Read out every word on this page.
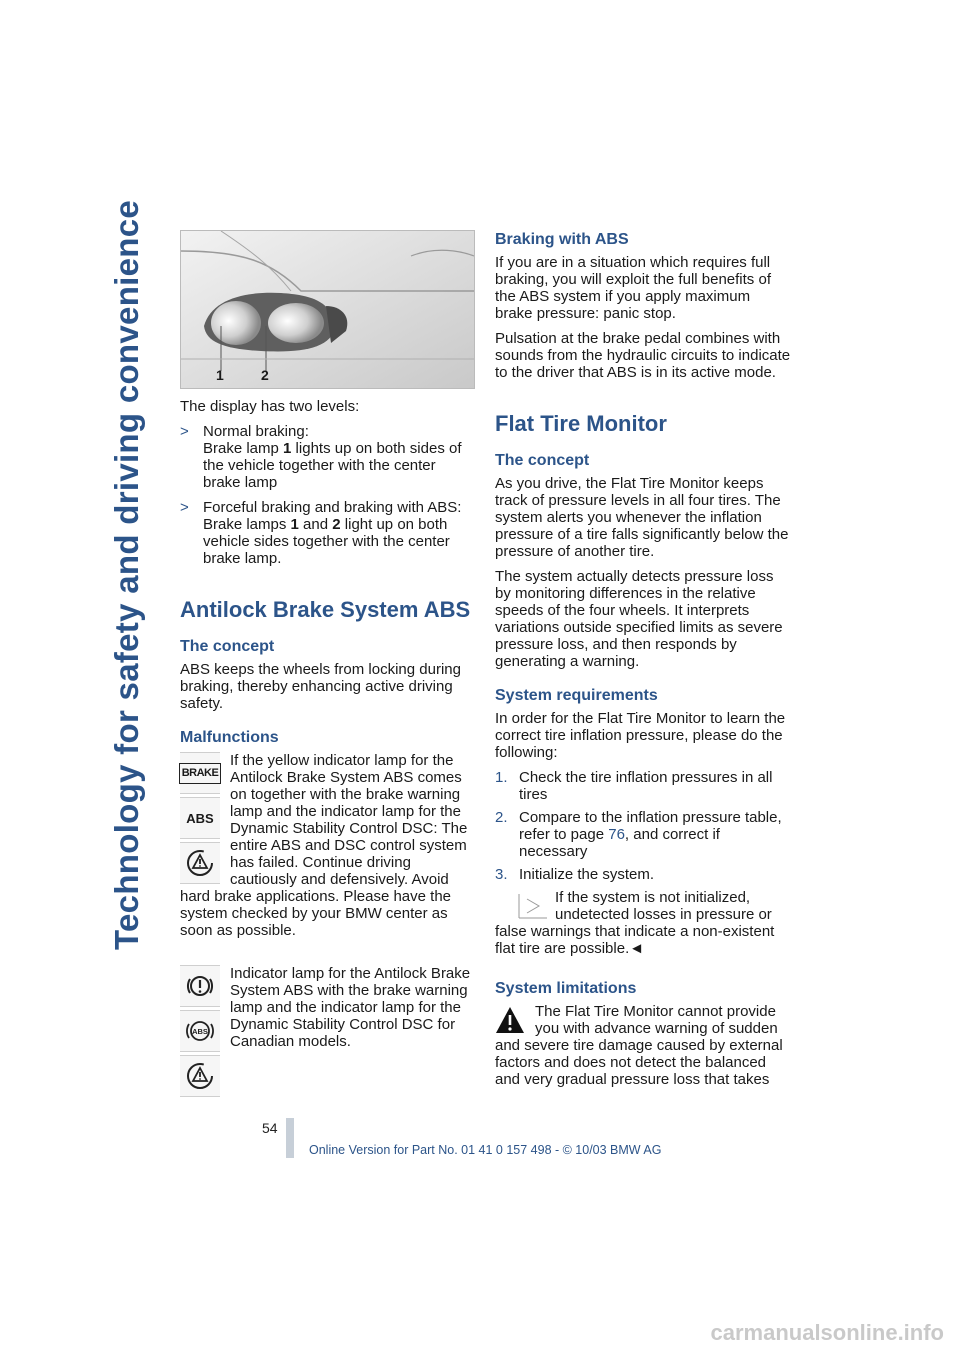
Technology for safety and driving convenience	1	2

The display has two levels:

> Normal braking:
Brake lamp 1 lights up on both sides of the vehicle together with the center brake lamp
> Forceful braking and braking with ABS: Brake lamps 1 and 2 light up on both vehicle sides together with the center brake lamp.
Antilock Brake System ABS
The concept

ABS keeps the wheels from locking during braking, thereby enhancing active driving safety.

Malfunctions
BRAKE
ABS

If the yellow indicator lamp for the Antilock Brake System ABS comes on together with the brake warning lamp and the indicator lamp for the Dynamic Stability Control DSC: The entire ABS and DSC control system has failed. Continue driving cautiously and defensively. Avoid hard brake applications. Please have the system checked by your BMW center as soon as possible.

ABS

Indicator lamp for the Antilock Brake System ABS with the brake warning lamp and the indicator lamp for the Dynamic Stability Control DSC for Canadian models.

Braking with ABS

If you are in a situation which requires full braking, you will exploit the full benefits of the ABS system if you apply maximum brake pressure: panic stop.

Pulsation at the brake pedal combines with sounds from the hydraulic circuits to indicate to the driver that ABS is in its active mode.

Flat Tire Monitor
The concept

As you drive, the Flat Tire Monitor keeps track of pressure levels in all four tires. The system alerts you whenever the inflation pressure of a tire falls significantly below the pressure of another tire.

The system actually detects pressure loss by monitoring differences in the relative speeds of the four wheels. It interprets variations outside specified limits as severe pressure loss, and then responds by generating a warning.

System requirements

In order for the Flat Tire Monitor to learn the correct tire inflation pressure, please do the following:

1. Check the tire inflation pressures in all tires
2. Compare to the inflation pressure table, refer to page 76, and correct if necessary
3. Initialize the system.

If the system is not initialized, undetected losses in pressure or false warnings that indicate a non-existent flat tire are possible.◄

System limitations

The Flat Tire Monitor cannot provide you with advance warning of sudden and severe tire damage caused by external factors and does not detect the balanced and very gradual pressure loss that takes

54
Online Version for Part No. 01 41 0 157 498 - © 10/03 BMW AG
carmanualsonline.info
